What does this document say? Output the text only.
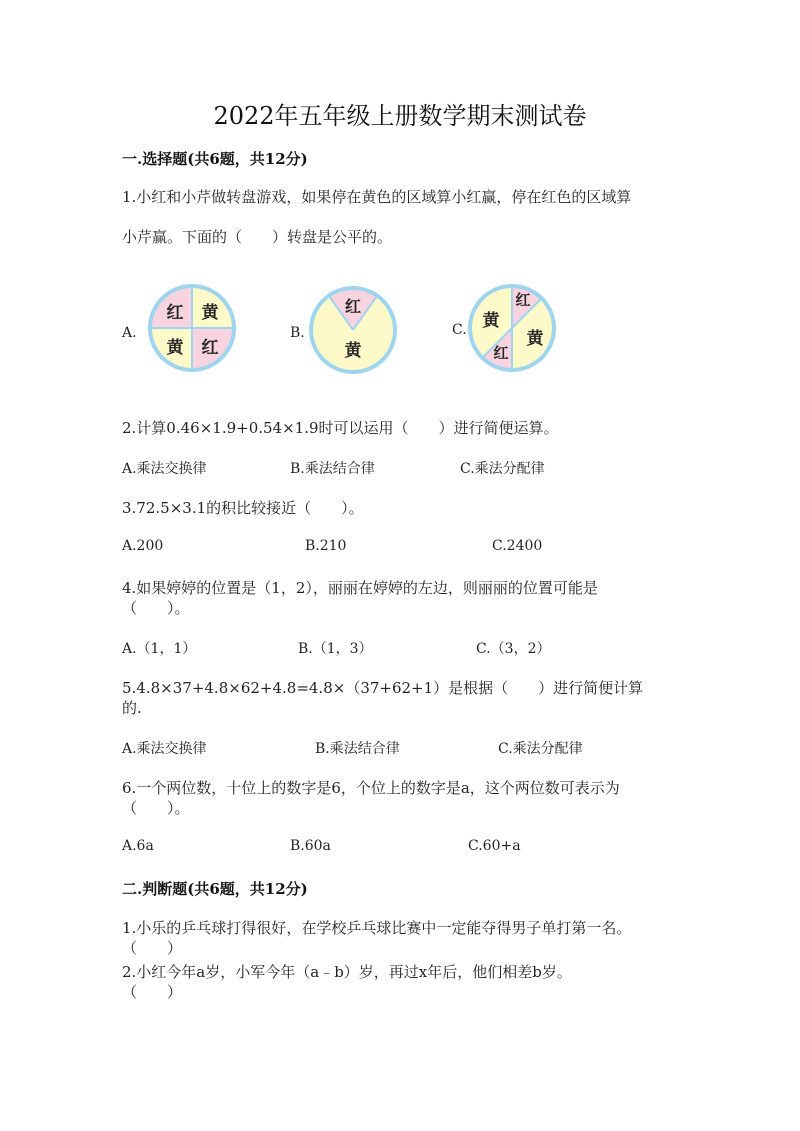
2022年五年级上册数学期末测试卷
一.选择题(共6题，共12分)
1.小红和小芹做转盘游戏，如果停在黄色的区域算小红赢，停在红色的区域算
小芹赢。下面的（　　）转盘是公平的。
A.
红 黄
黄 红
B.
红
黄
C. 黄
红
黄
红
2.计算0.46×1.9+0.54×1.9时可以运用（　　）进行简便运算。
A.乘法交换律	B.乘法结合律	C.乘法分配律
3.72.5×3.1的积比较接近（　　）。
A.200	B.210	C.2400
4.如果婷婷的位置是（1，2），丽丽在婷婷的左边，则丽丽的位置可能是
（　　）。
A.（1，1）	B.（1，3）	C.（3，2）
5.4.8×37+4.8×62+4.8=4.8×（37+62+1）是根据（　　）进行简便计算
的.
A.乘法交换律	B.乘法结合律	C.乘法分配律
6.一个两位数，十位上的数字是6，个位上的数字是a，这个两位数可表示为
（　　）。
A.6a	B.60a	C.60+a
二.判断题(共6题，共12分)
1.小乐的乒乓球打得很好，在学校乒乓球比赛中一定能夺得男子单打第一名。
（　　）
2.小红今年a岁，小军今年（a﹣b）岁，再过x年后，他们相差b岁。
（　　）
